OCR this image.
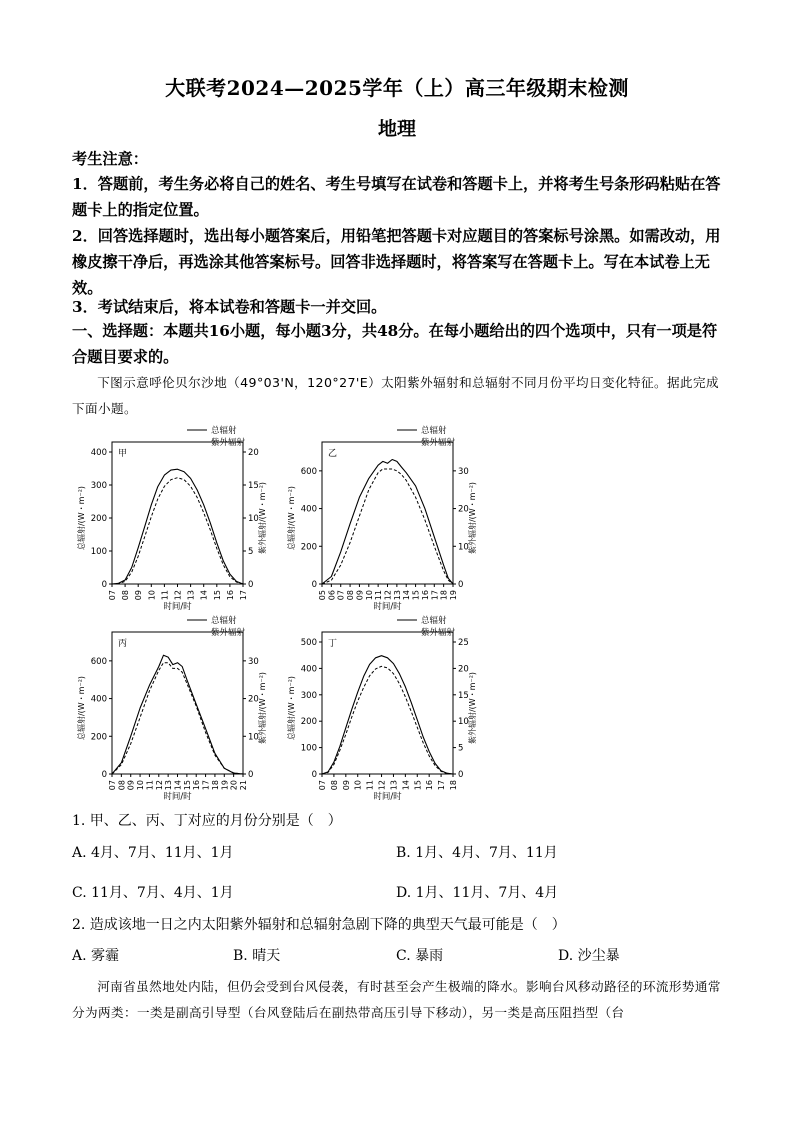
大联考2024—2025学年（上）高三年级期末检测
地理
考生注意：
1．答题前，考生务必将自己的姓名、考生号填写在试卷和答题卡上，并将考生号条形码粘贴在答题卡上的指定位置。
2．回答选择题时，选出每小题答案后，用铅笔把答题卡对应题目的答案标号涂黑。如需改动，用橡皮擦干净后，再选涂其他答案标号。回答非选择题时，将答案写在答题卡上。写在本试卷上无效。
3．考试结束后，将本试卷和答题卡一并交回。
一、选择题：本题共16小题，每小题3分，共48分。在每小题给出的四个选项中，只有一项是符合题目要求的。
下图示意呼伦贝尔沙地（49°03'N，120°27'E）太阳紫外辐射和总辐射不同月份平均日变化特征。据此完成下面小题。
甲
0
100
200
300
400
0
5
10
15
20
07 08 09 10 11 12 13 14 15 16 17
时间/时
总辐射/(W・m⁻²)	紫外辐射/(W・m⁻²)
总辐射
紫外辐射
乙
0
200
400
600
0
10
20
30
05 06 07 08 09 10 11 12 13 14 15 16 17 18 19
时间/时
总辐射/(W・m⁻²)	紫外辐射/(W・m⁻²)
总辐射
紫外辐射
丙
0
200
400
600
0
10
20
30
07 08 09 10 11 12 13 14 15 16 17 18 19 20 21
时间/时
总辐射/(W・m⁻²)	紫外辐射/(W・m⁻²)
总辐射
紫外辐射
丁
0
100
200
300
400
500
0
5
10
15
20
25
07 08 09 10 11 12 13 14 15 16 17 18
时间/时
总辐射/(W・m⁻²)	紫外辐射/(W・m⁻²)
总辐射
紫外辐射
1. 甲、乙、丙、丁对应的月份分别是（　）
A. 4月、7月、11月、1月	B. 1月、4月、7月、11月
C. 11月、7月、4月、1月	D. 1月、11月、7月、4月
2. 造成该地一日之内太阳紫外辐射和总辐射急剧下降的典型天气最可能是（　）
A. 雾霾	B. 晴天	C. 暴雨	D. 沙尘暴
河南省虽然地处内陆，但仍会受到台风侵袭，有时甚至会产生极端的降水。影响台风移动路径的环流形势通常分为两类：一类是副高引导型（台风登陆后在副热带高压引导下移动），另一类是高压阻挡型（台
